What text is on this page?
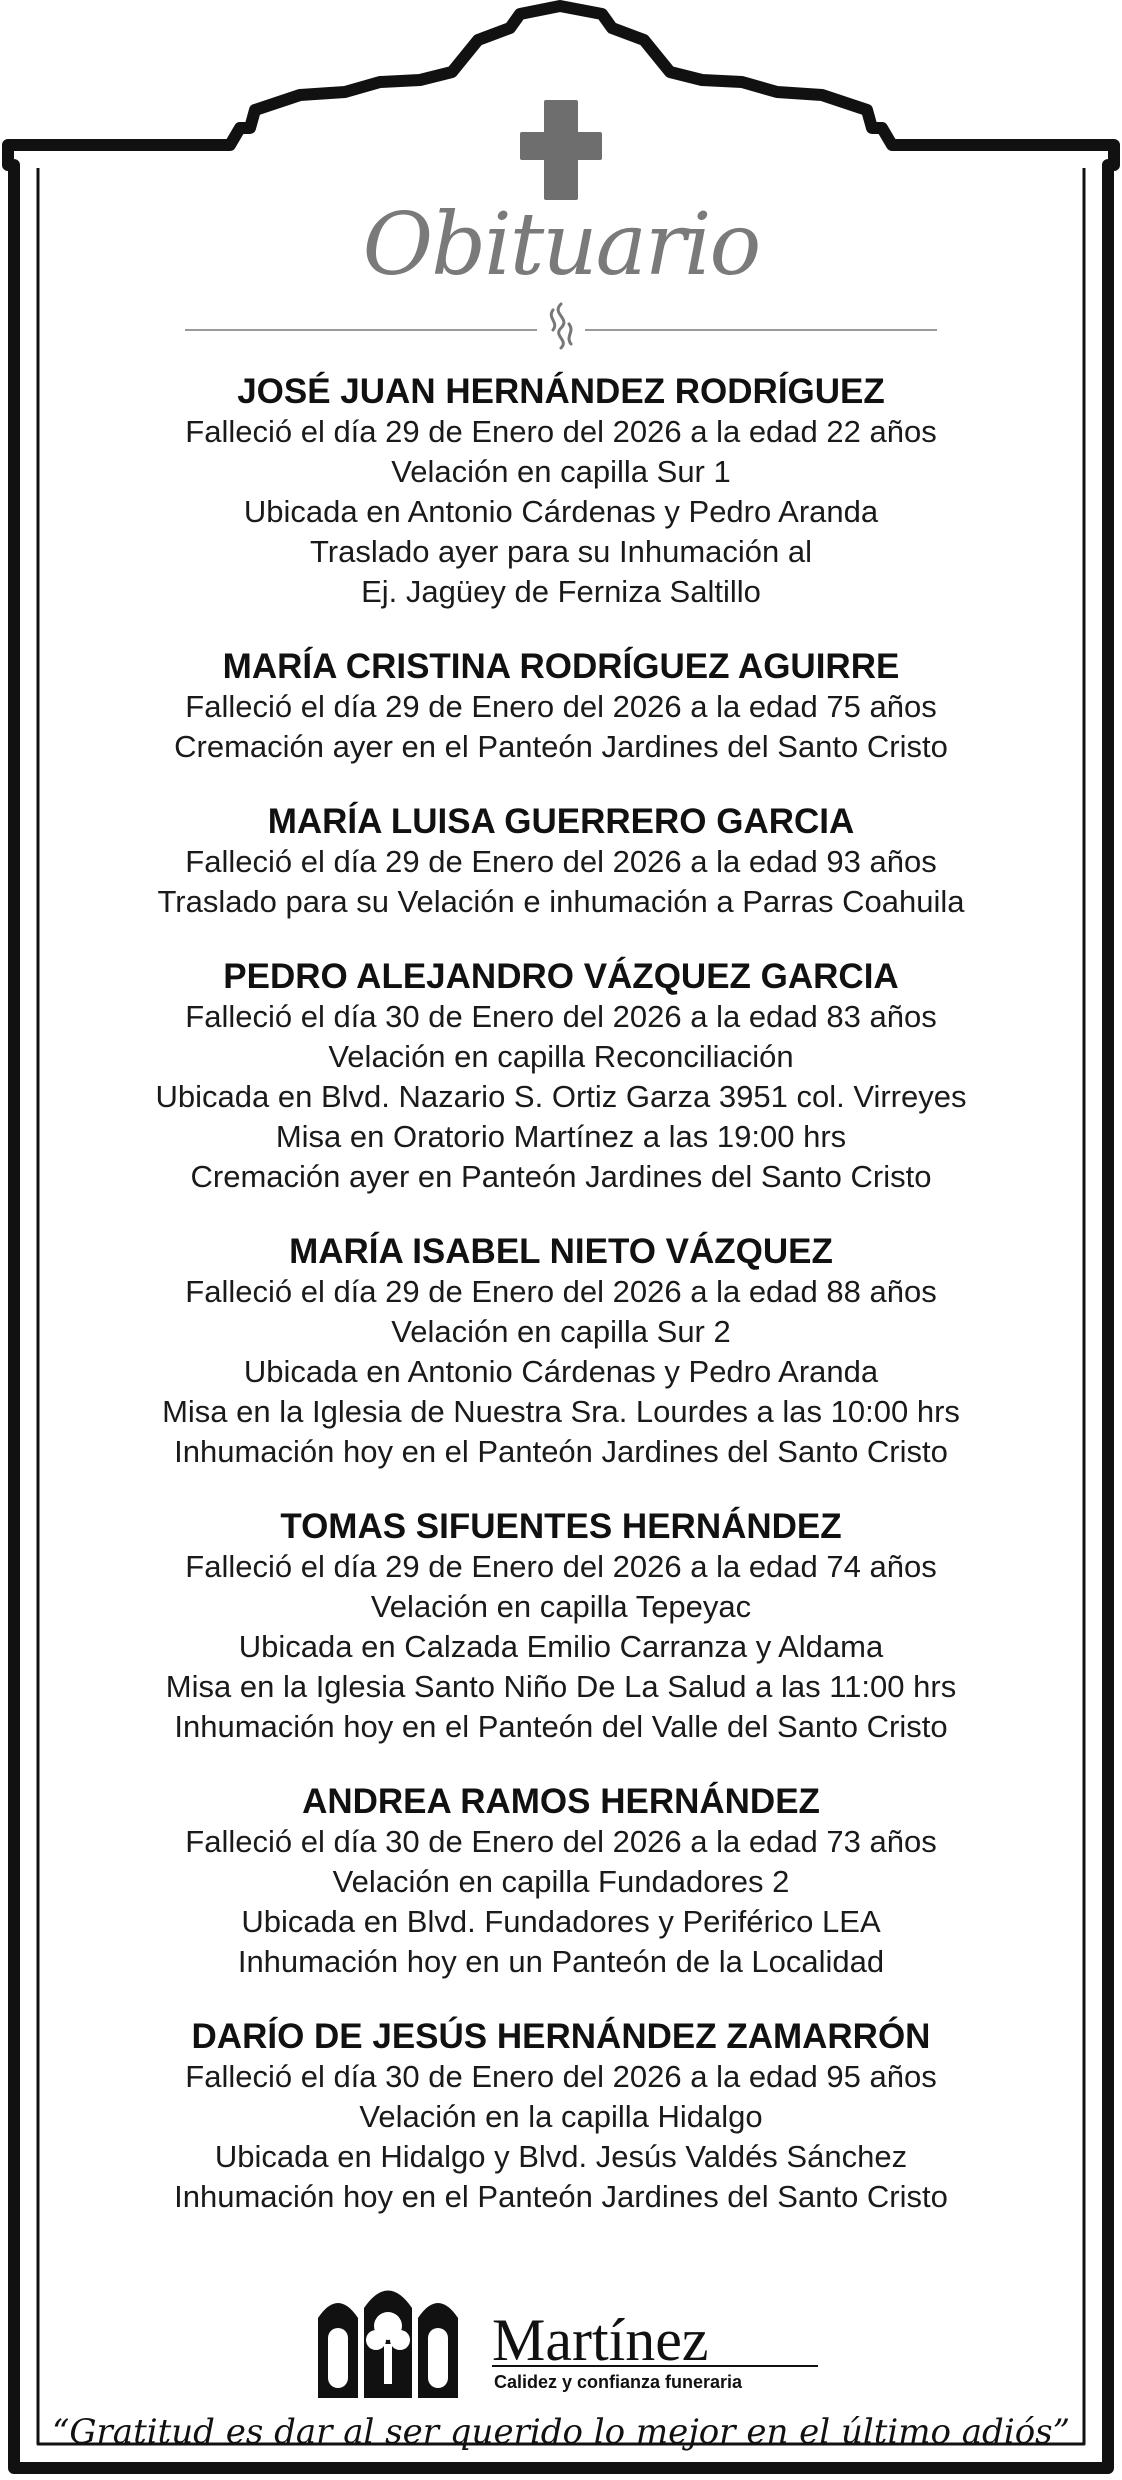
Obituario
JOSÉ JUAN HERNÁNDEZ RODRÍGUEZ
Falleció el día 29 de Enero del 2026 a la edad 22 años
Velación en capilla Sur 1
Ubicada en Antonio Cárdenas y Pedro Aranda
Traslado ayer para su Inhumación al
Ej. Jagüey de Ferniza Saltillo
MARÍA CRISTINA RODRÍGUEZ AGUIRRE
Falleció el día 29 de Enero del 2026 a la edad 75 años
Cremación ayer en el Panteón Jardines del Santo Cristo
MARÍA LUISA GUERRERO GARCIA
Falleció el día 29 de Enero del 2026 a la edad 93 años
Traslado para su Velación e inhumación a Parras Coahuila
PEDRO ALEJANDRO VÁZQUEZ GARCIA
Falleció el día 30 de Enero del 2026 a la edad 83 años
Velación en capilla Reconciliación
Ubicada en Blvd. Nazario S. Ortiz Garza 3951 col. Virreyes
Misa en Oratorio Martínez a las 19:00 hrs
Cremación ayer en Panteón Jardines del Santo Cristo
MARÍA ISABEL NIETO VÁZQUEZ
Falleció el día 29 de Enero del 2026 a la edad 88 años
Velación en capilla Sur 2
Ubicada en Antonio Cárdenas y Pedro Aranda
Misa en la Iglesia de Nuestra Sra. Lourdes a las 10:00 hrs
Inhumación hoy en el Panteón Jardines del Santo Cristo
TOMAS SIFUENTES HERNÁNDEZ
Falleció el día 29 de Enero del 2026 a la edad 74 años
Velación en capilla Tepeyac
Ubicada en Calzada Emilio Carranza y Aldama
Misa en la Iglesia Santo Niño De La Salud a las 11:00 hrs
Inhumación hoy en el Panteón del Valle del Santo Cristo
ANDREA RAMOS HERNÁNDEZ
Falleció el día 30 de Enero del 2026 a la edad 73 años
Velación en capilla Fundadores 2
Ubicada en Blvd. Fundadores y Periférico LEA
Inhumación hoy en un Panteón de la Localidad
DARÍO DE JESÚS HERNÁNDEZ ZAMARRÓN
Falleció el día 30 de Enero del 2026 a la edad 95 años
Velación en la capilla Hidalgo
Ubicada en Hidalgo y Blvd. Jesús Valdés Sánchez
Inhumación hoy en el Panteón Jardines del Santo Cristo
Martínez
Calidez y confianza funeraria
“Gratitud es dar al ser querido lo mejor en el último adiós”
